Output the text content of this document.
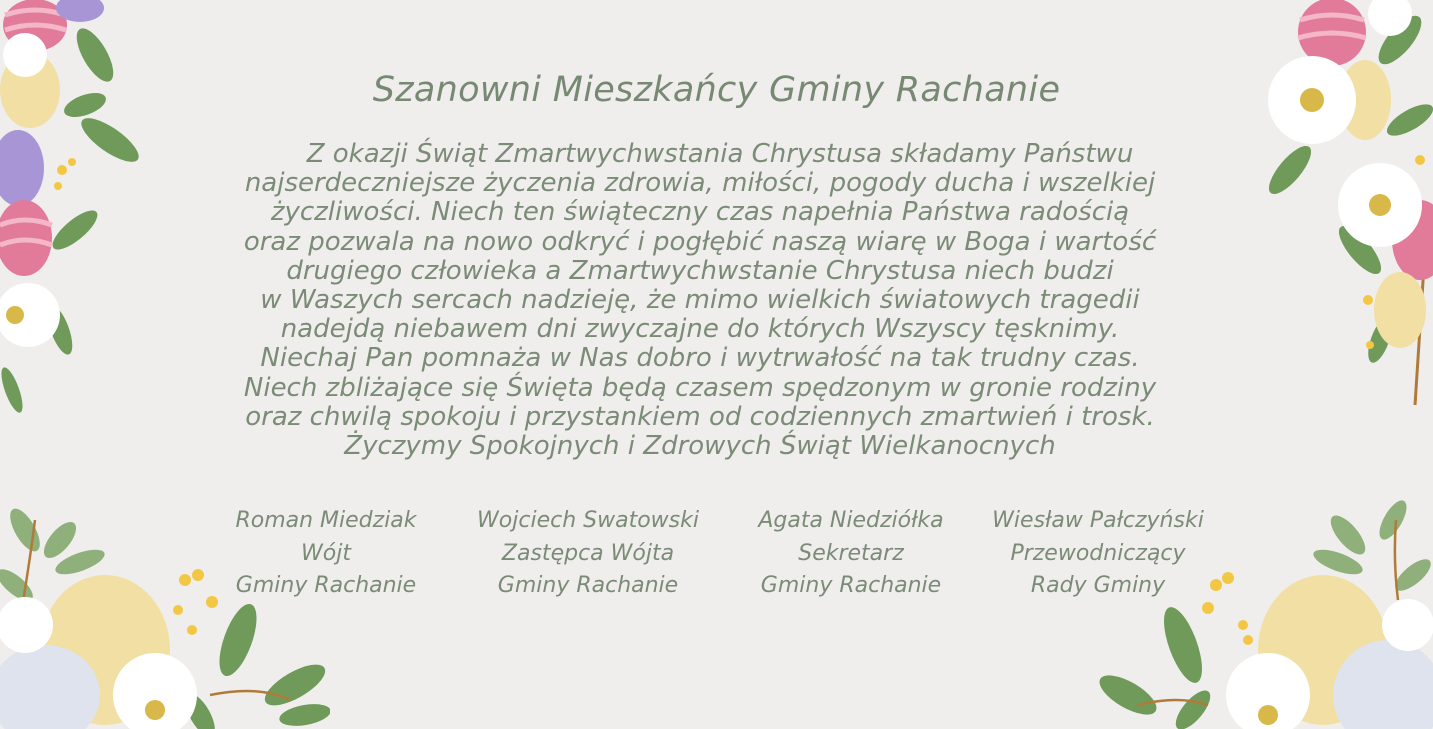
Szanowni Mieszkańcy Gminy Rachanie
Z okazji Świąt Zmartwychwstania Chrystusa składamy Państwu
najserdeczniejsze życzenia zdrowia, miłości, pogody ducha i wszelkiej
życzliwości. Niech ten świąteczny czas napełnia Państwa radością
oraz pozwala na nowo odkryć i pogłębić naszą wiarę w Boga i wartość
drugiego człowieka a Zmartwychwstanie Chrystusa niech budzi
w Waszych sercach nadzieję, że mimo wielkich światowych tragedii
nadejdą niebawem dni zwyczajne do których Wszyscy tęsknimy.
Niechaj Pan pomnaża w Nas dobro i wytrwałość na tak trudny czas.
Niech zbliżające się Święta będą czasem spędzonym w gronie rodziny
oraz chwilą spokoju i przystankiem od codziennych zmartwień i trosk.
Życzymy Spokojnych i Zdrowych Świąt Wielkanocnych
Roman Miedziak
Wójt
Gminy Rachanie
Wojciech Swatowski
Zastępca Wójta
Gminy Rachanie
Agata Niedziółka
Sekretarz
Gminy Rachanie
Wiesław Pałczyński
Przewodniczący
Rady Gminy
